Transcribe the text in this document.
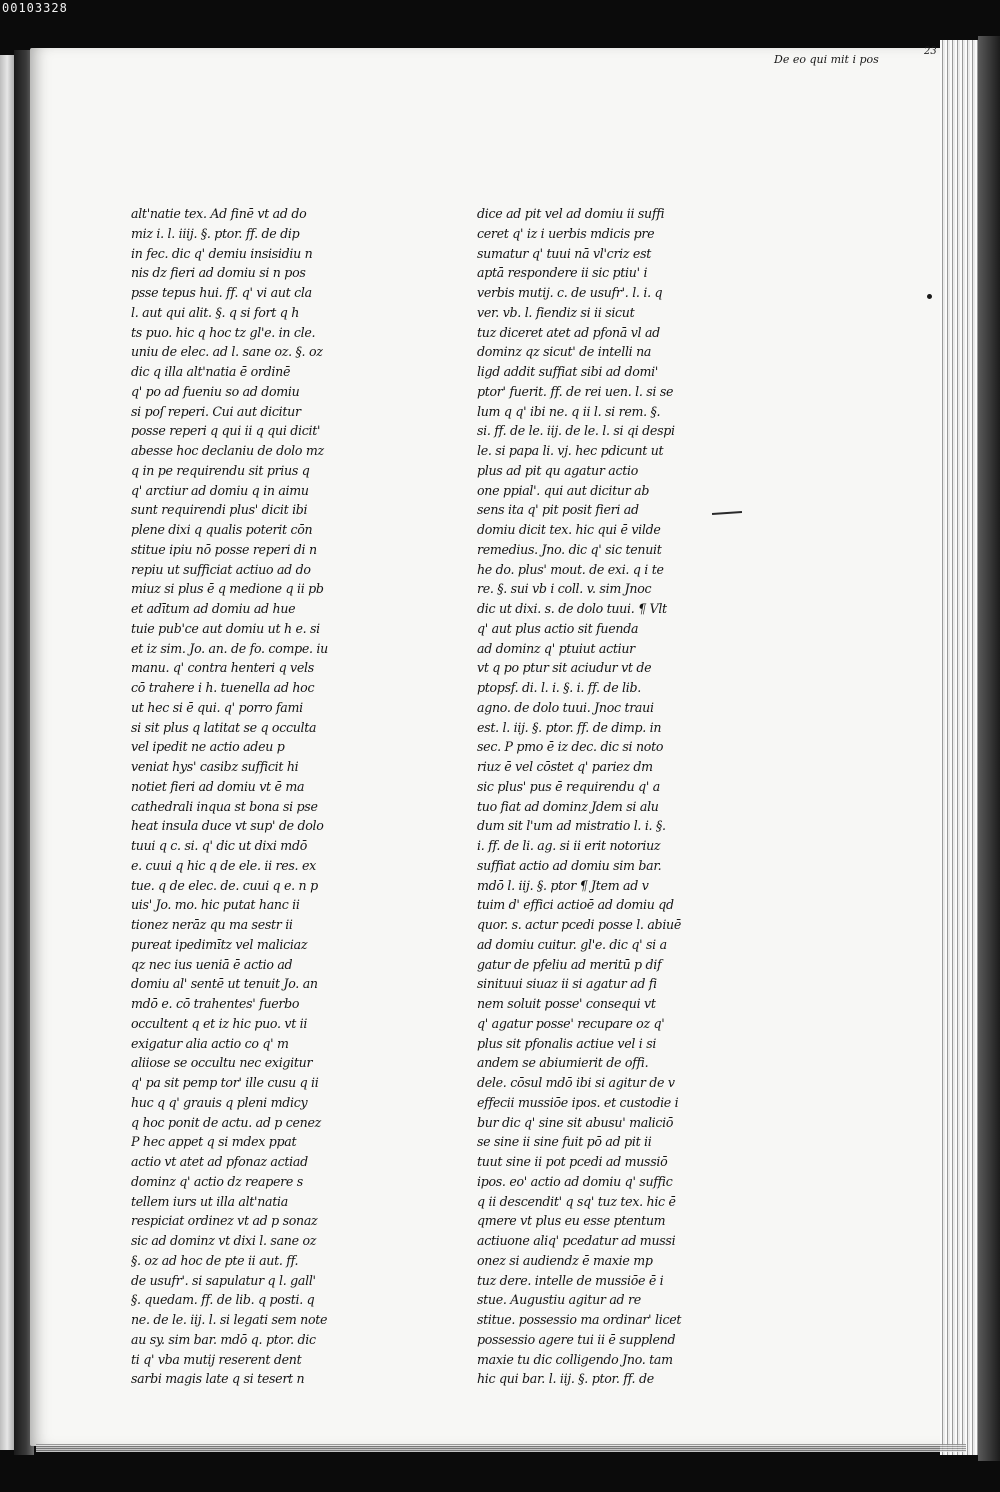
00103328
De eo qui mit i pos
23
alt'natie tex. Ad finē vt ad do
miz i. l. iiij. §. ptor. ff. de dip
in fec. dic q' demiu insisidiu n
nis dz fieri ad domiu si n pos
psse tepus hui. ff. q' vi aut cla
l. aut qui alit. §. q si fort q h
ts puo. hic q hoc tz gl'e. in cle.
uniu de elec. ad l. sane oz. §. oz
dic q illa alt'natia ē ordinē
q' po ad fueniu so ad domiu
si poſ reperi. Cui aut dicitur
posse reperi q qui ii q qui dicit'
abesse hoc declaniu de dolo mz
q in pe requirendu sit prius q
q' arctiur ad domiu q in aimu
sunt requirendi plus' dicit ibi
plene dixi q qualis poterit cōn
stitue ipiu nō posse reperi di n
repiu ut sufficiat actiuo ad do
miuz si plus ē q medione q ii pb
et adītum ad domiu ad hue
tuie pub'ce aut domiu ut h e. si
et iz sim. Jo. an. de fo. compe. iu
manu. q' contra henteri q vels
cō trahere i h. tuenella ad hoc
ut hec si ē qui. q' porro fami
si sit plus q latitat se q occulta
vel ipedit ne actio adeu p
veniat hys' casibz sufficit hi
notiet fieri ad domiu vt ē ma
cathedrali inqua st bona si pse
heat insula duce vt sup' de dolo
tuui q c. si. q' dic ut dixi mdō
e. cuui q hic q de ele. ii res. ex
tue. q de elec. de. cuui q e. n p
uis' Jo. mo. hic putat hanc ii
tionez nerāz qu ma sestr ii
pureat ipedimītz vel maliciaz
qz nec ius ueniā ē actio ad
domiu al' sentē ut tenuit Jo. an
mdō e. cō trahentes' fuerbo
occultent q et iz hic puo. vt ii
exigatur alia actio co q' m
aliiose se occultu nec exigitur
q' pa sit pemp tor' ille cusu q ii
huc q q' grauis q pleni mdicy
q hoc ponit de actu. ad p cenez
P hec appet q si mdex ppat
actio vt atet ad pfonaz actiad
dominz q' actio dz reapere s
tellem iurs ut illa alt'natia
respiciat ordinez vt ad p sonaz
sic ad dominz vt dixi l. sane oz
§. oz ad hoc de pte ii aut. ff.
de usufr'. si sapulatur q l. gall'
§. quedam. ff. de lib. q posti. q
ne. de le. iij. l. si legati sem note
au sy. sim bar. mdō q. ptor. dic
ti q' vba mutij reserent dent
sarbi magis late q si tesert n
dice ad pit vel ad domiu ii suffi
ceret q' iz i uerbis mdicis pre
sumatur q' tuui nā vl'criz est
aptā respondere ii sic ptiu' i
verbis mutij. c. de usufr'. l. i. q
ver. vb. l. fiendiz si ii sicut
tuz diceret atet ad pfonā vl ad
dominz qz sicut' de intelli na
ligd addit suffiat sibi ad domi'
ptor' fuerit. ff. de rei uen. l. si se
lum q q' ibi ne. q ii l. si rem. §.
si. ff. de le. iij. de le. l. si qi despi
le. si papa li. vj. hec pdicunt ut
plus ad pit qu agatur actio
one ppial'. qui aut dicitur ab
sens ita q' pit posit fieri ad
domiu dicit tex. hic qui ē vilde
remedius. Jno. dic q' sic tenuit
he do. plus' mout. de exi. q i te
re. §. sui vb i coll. v. sim Jnoc
dic ut dixi. s. de dolo tuui. ¶ Vlt
q' aut plus actio sit fuenda
ad dominz q' ptuiut actiur
vt q po ptur sit aciudur vt de
ptopsf. di. l. i. §. i. ff. de lib.
agno. de dolo tuui. Jnoc traui
est. l. iij. §. ptor. ff. de dimp. in
sec. P pmo ē iz dec. dic si noto
riuz ē vel cōstet q' pariez dm
sic plus' pus ē requirendu q' a
tuo fiat ad dominz Jdem si alu
dum sit l'um ad mistratio l. i. §.
i. ff. de li. ag. si ii erit notoriuz
suffiat actio ad domiu sim bar.
mdō l. iij. §. ptor ¶ Jtem ad v
tuim d' effici actioē ad domiu qd
quor. s. actur pcedi posse l. abiuē
ad domiu cuitur. gl'e. dic q' si a
gatur de pfeliu ad meritū p dif
sinituui siuaz ii si agatur ad fi
nem soluit posse' consequi vt
q' agatur posse' recupare oz q'
plus sit pfonalis actiue vel i si
andem se abiumierit de offi.
dele. cōsul mdō ibi si agitur de v
effecii mussiōe ipos. et custodie i
bur dic q' sine sit abusu' maliciō
se sine ii sine fuit pō ad pit ii
tuut sine ii pot pcedi ad mussiō
ipos. eo' actio ad domiu q' suffic
q ii descendit' q sq' tuz tex. hic ē
qmere vt plus eu esse ptentum
actiuone aliq' pcedatur ad mussi
onez si audiendz ē maxie mp
tuz dere. intelle de mussiōe ē i
stue. Augustiu agitur ad re
stitue. possessio ma ordinar' licet
possessio agere tui ii ē supplend
maxie tu dic colligendo Jno. tam
hic qui bar. l. iij. §. ptor. ff. de
